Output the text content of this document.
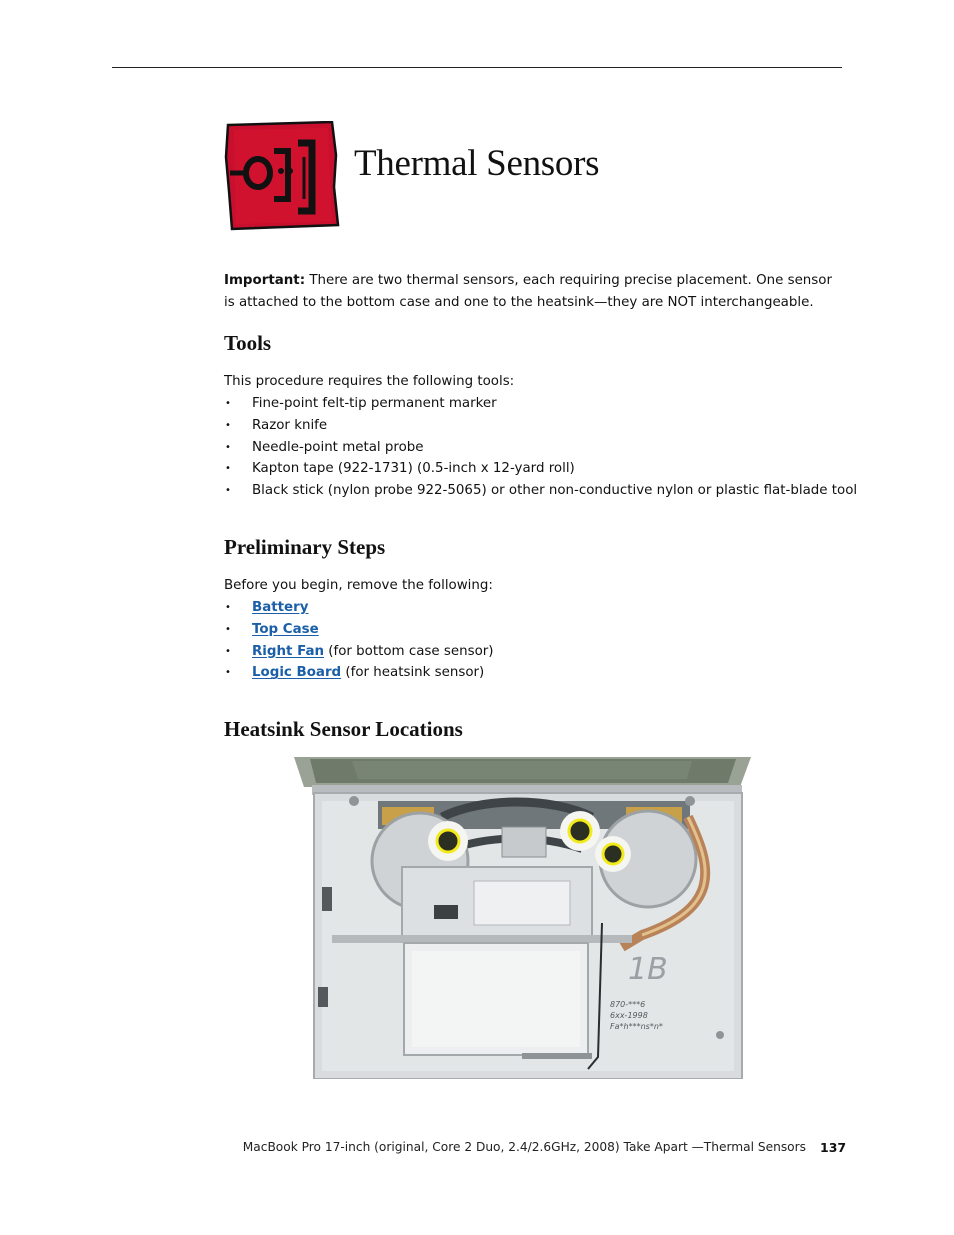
Thermal Sensors

Important: There are two thermal sensors, each requiring precise placement. One sensor is attached to the bottom case and one to the heatsink—they are NOT interchangeable.

Tools
This procedure requires the following tools:
• Fine-point felt-tip permanent marker
• Razor knife
• Needle-point metal probe
• Kapton tape (922-1731) (0.5-inch x 12-yard roll)
• Black stick (nylon probe 922-5065) or other non-conductive nylon or plastic flat-blade tool
Preliminary Steps
Before you begin, remove the following:
• Battery
• Top Case
• Right Fan (for bottom case sensor)
• Logic Board (for heatsink sensor)
Heatsink Sensor Locations
1B
870-***6
6xx-1998
Fa*h***ns*n*
MacBook Pro 17-inch (original, Core 2 Duo, 2.4/2.6GHz, 2008) Take Apart —Thermal Sensors 137
